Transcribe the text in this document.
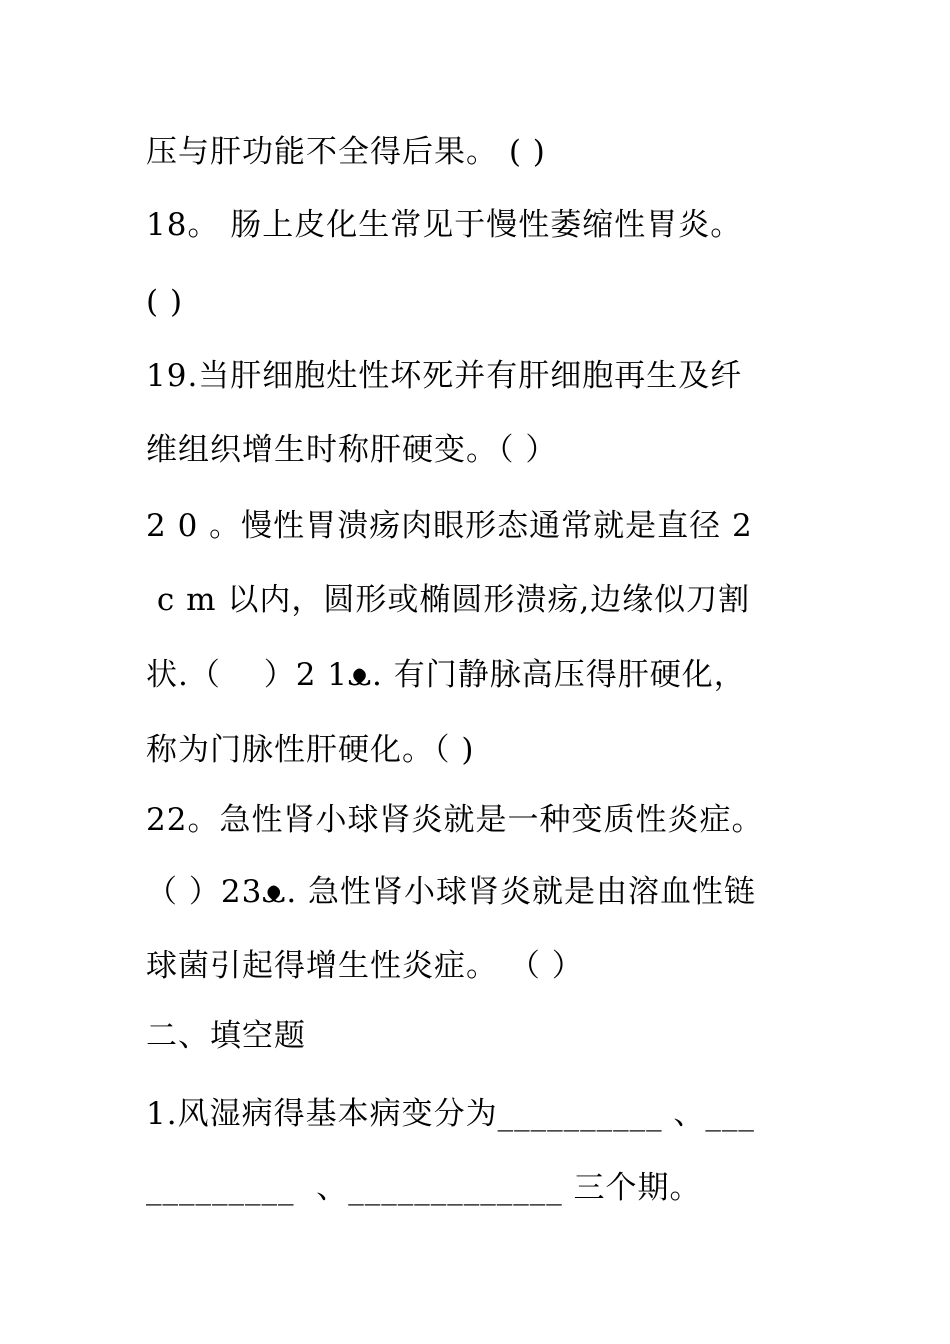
压与肝功能不全得后果。 ( )
18。 肠上皮化生常见于慢性萎缩性胃炎。
( )
19.当肝细胞灶性坏死并有肝细胞再生及纤
维组织增生时称肝硬变。（ ）
2 0 。慢性胃溃疡肉眼形态通常就是直径 2
c m 以内，圆形或椭圆形溃疡,边缘似刀割
状.（　 ）2 1ᴥ. 有门静脉高压得肝硬化，
称为门脉性肝硬化。（ )
22。急性肾小球肾炎就是一种变质性炎症。
（ ）23ᴥ. 急性肾小球肾炎就是由溶血性链
球菌引起得增生性炎症。 （ ）
二、填空题
1.风湿病得基本病变分为__________ 、___
_________  、_____________ 三个期。
